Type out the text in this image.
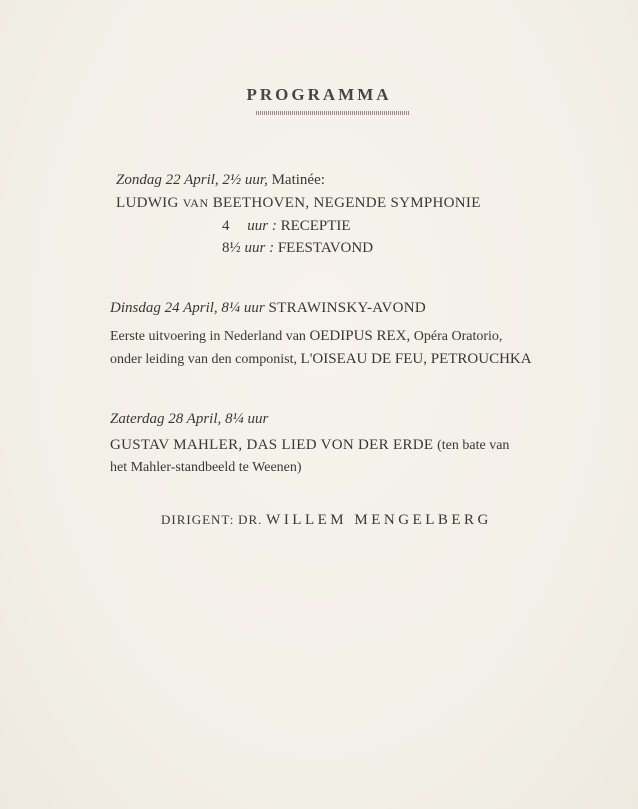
PROGRAMMA
Zondag 22 April, 2½ uur, Matinée:
LUDWIG VAN BEETHOVEN, NEGENDE SYMPHONIE
4 uur : RECEPTIE
8½ uur : FEESTAVOND
Dinsdag 24 April, 8¼ uur STRAWINSKY-AVOND
Eerste uitvoering in Nederland van OEDIPUS REX, Opéra Oratorio,
onder leiding van den componist, L'OISEAU DE FEU, PETROUCHKA
Zaterdag 28 April, 8¼ uur
GUSTAV MAHLER, DAS LIED VON DER ERDE (ten bate van
het Mahler-standbeeld te Weenen)
DIRIGENT: DR. WILLEM MENGELBERG
